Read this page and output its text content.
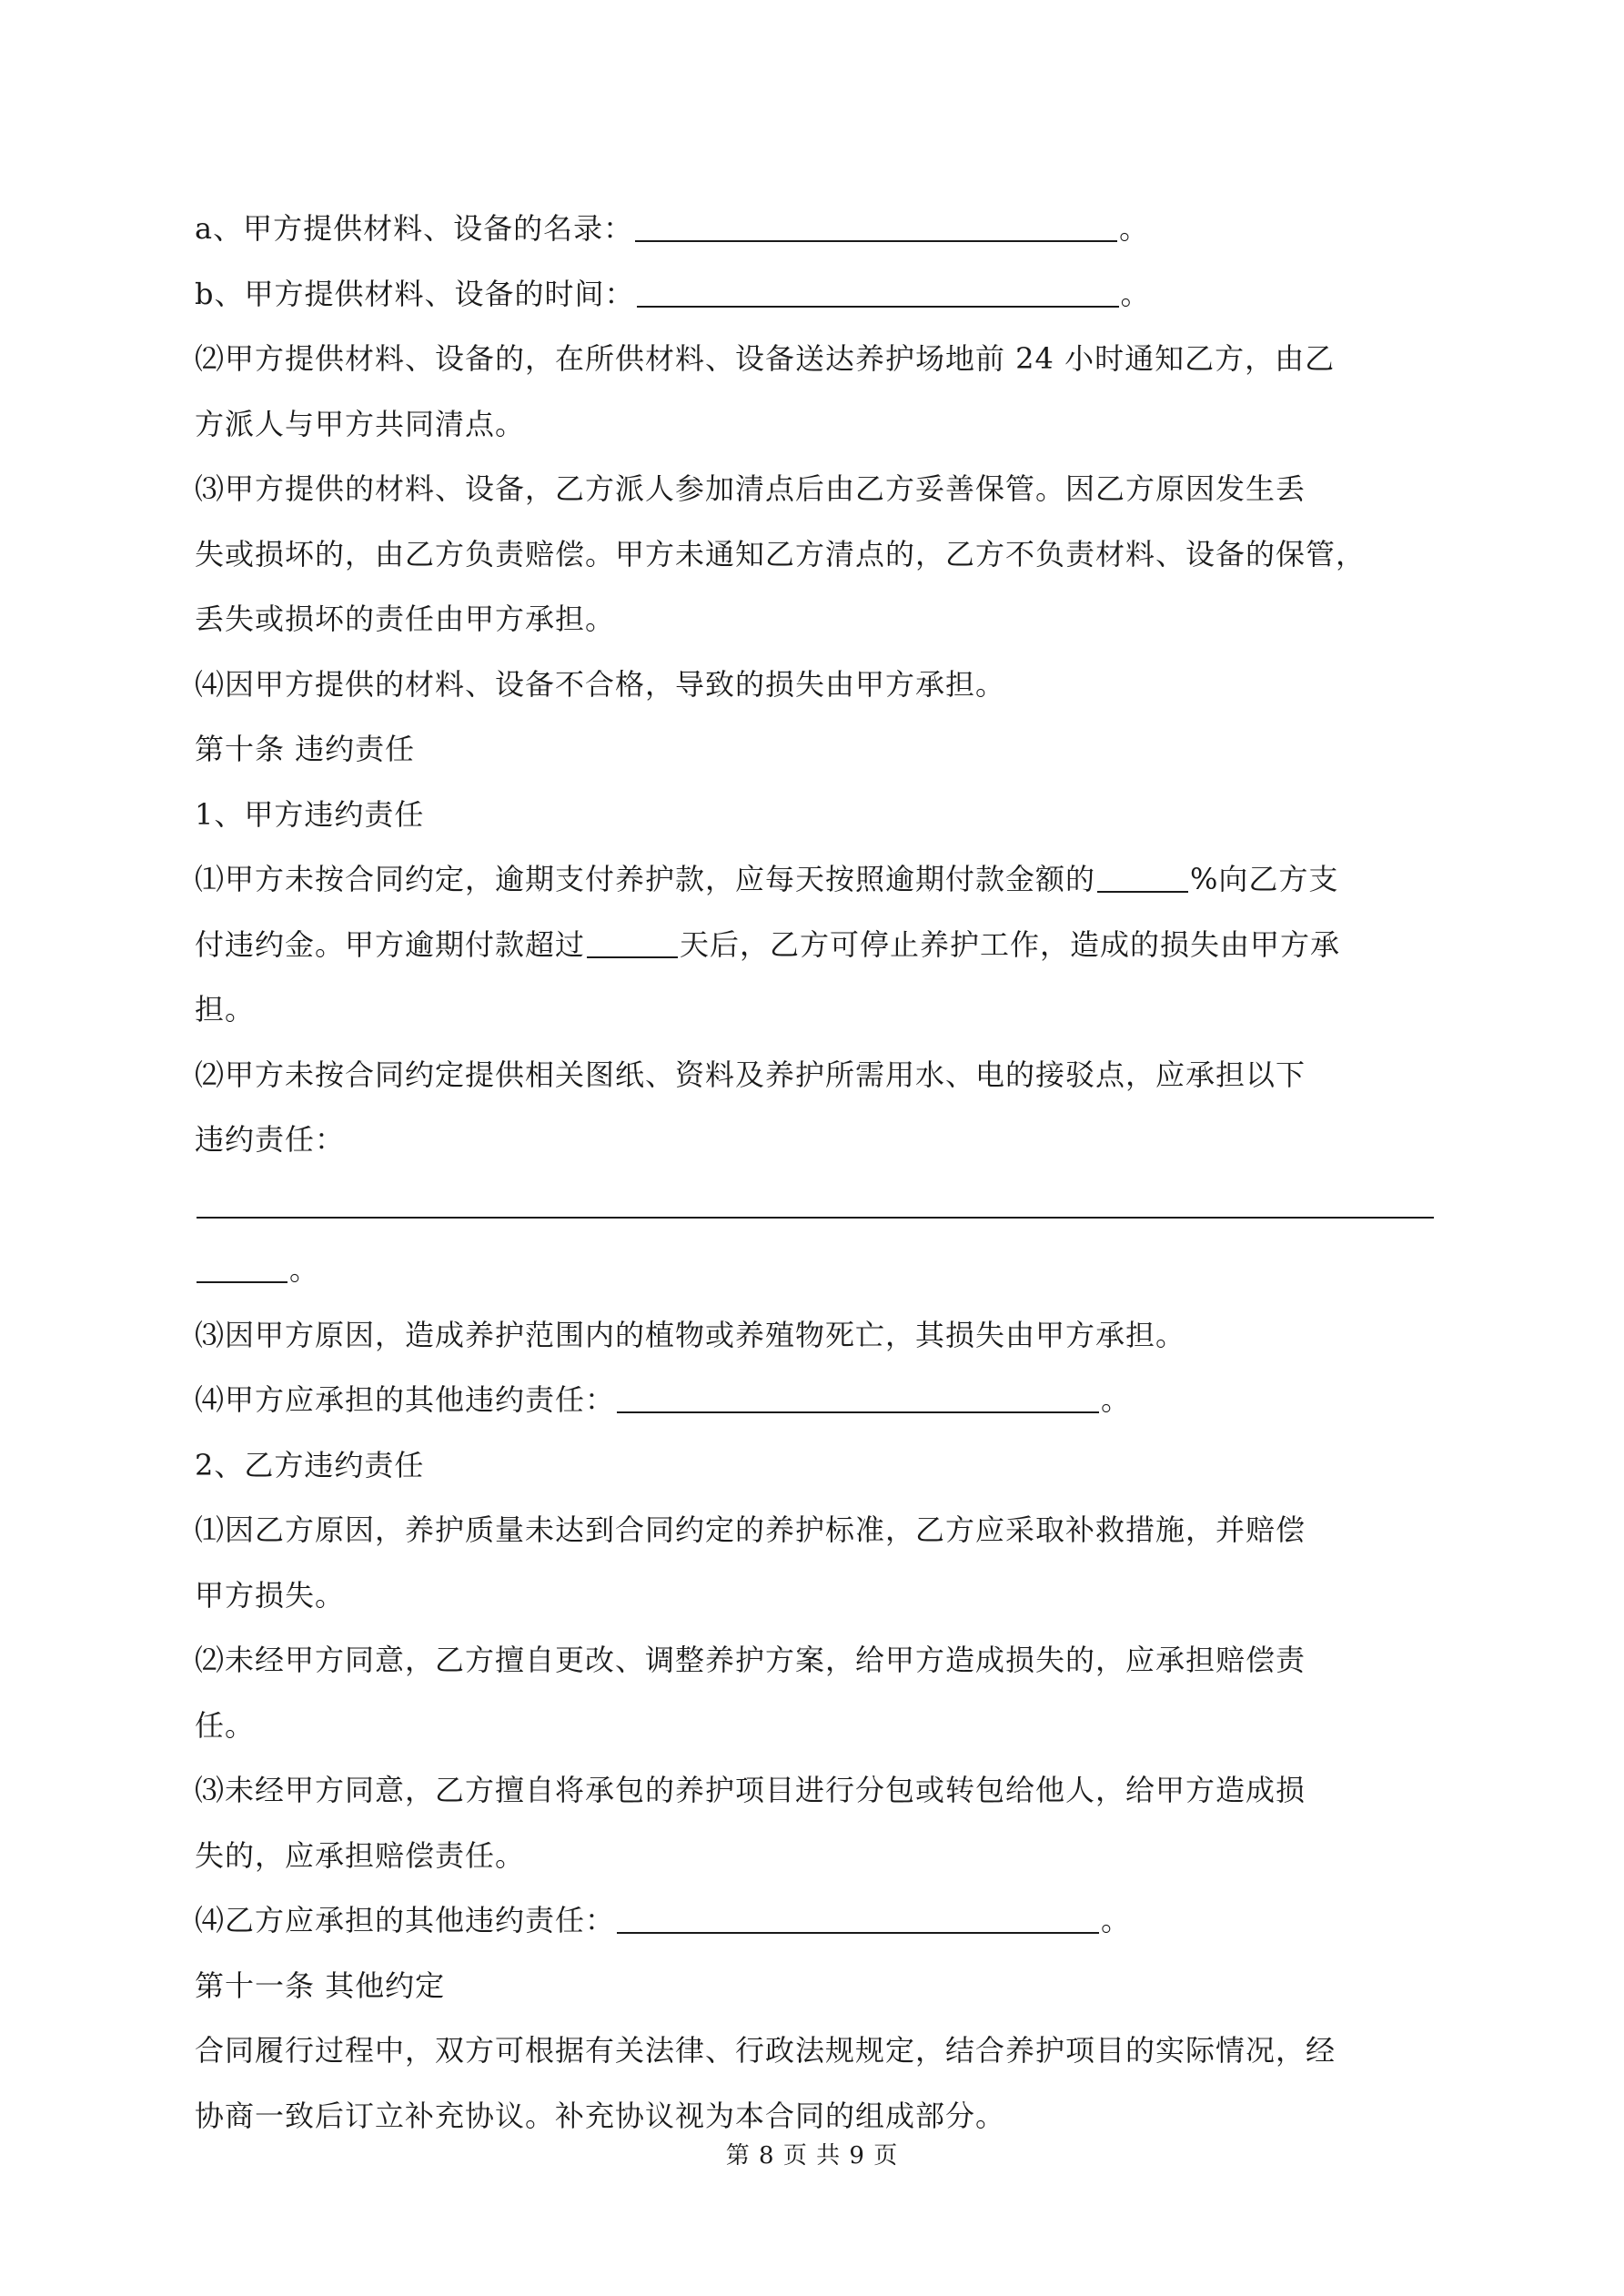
a、甲方提供材料、设备的名录：	。
b、甲方提供材料、设备的时间：	。
⑵甲方提供材料、设备的，在所供材料、设备送达养护场地前 24 小时通知乙方，由乙
方派人与甲方共同清点。
⑶甲方提供的材料、设备，乙方派人参加清点后由乙方妥善保管。因乙方原因发生丢
失或损坏的，由乙方负责赔偿。甲方未通知乙方清点的，乙方不负责材料、设备的保管，
丢失或损坏的责任由甲方承担。
⑷因甲方提供的材料、设备不合格，导致的损失由甲方承担。
第十条 违约责任
1、甲方违约责任
⑴甲方未按合同约定，逾期支付养护款，应每天按照逾期付款金额的	%向乙方支
付违约金。甲方逾期付款超过	天后，乙方可停止养护工作，造成的损失由甲方承
担。
⑵甲方未按合同约定提供相关图纸、资料及养护所需用水、电的接驳点，应承担以下
违约责任：
。
⑶因甲方原因，造成养护范围内的植物或养殖物死亡，其损失由甲方承担。
⑷甲方应承担的其他违约责任：	。
2、乙方违约责任
⑴因乙方原因，养护质量未达到合同约定的养护标准，乙方应采取补救措施，并赔偿
甲方损失。
⑵未经甲方同意，乙方擅自更改、调整养护方案，给甲方造成损失的，应承担赔偿责
任。
⑶未经甲方同意，乙方擅自将承包的养护项目进行分包或转包给他人，给甲方造成损
失的，应承担赔偿责任。
⑷乙方应承担的其他违约责任：	。
第十一条 其他约定
合同履行过程中，双方可根据有关法律、行政法规规定，结合养护项目的实际情况，经
协商一致后订立补充协议。补充协议视为本合同的组成部分。
第 8 页 共 9 页
